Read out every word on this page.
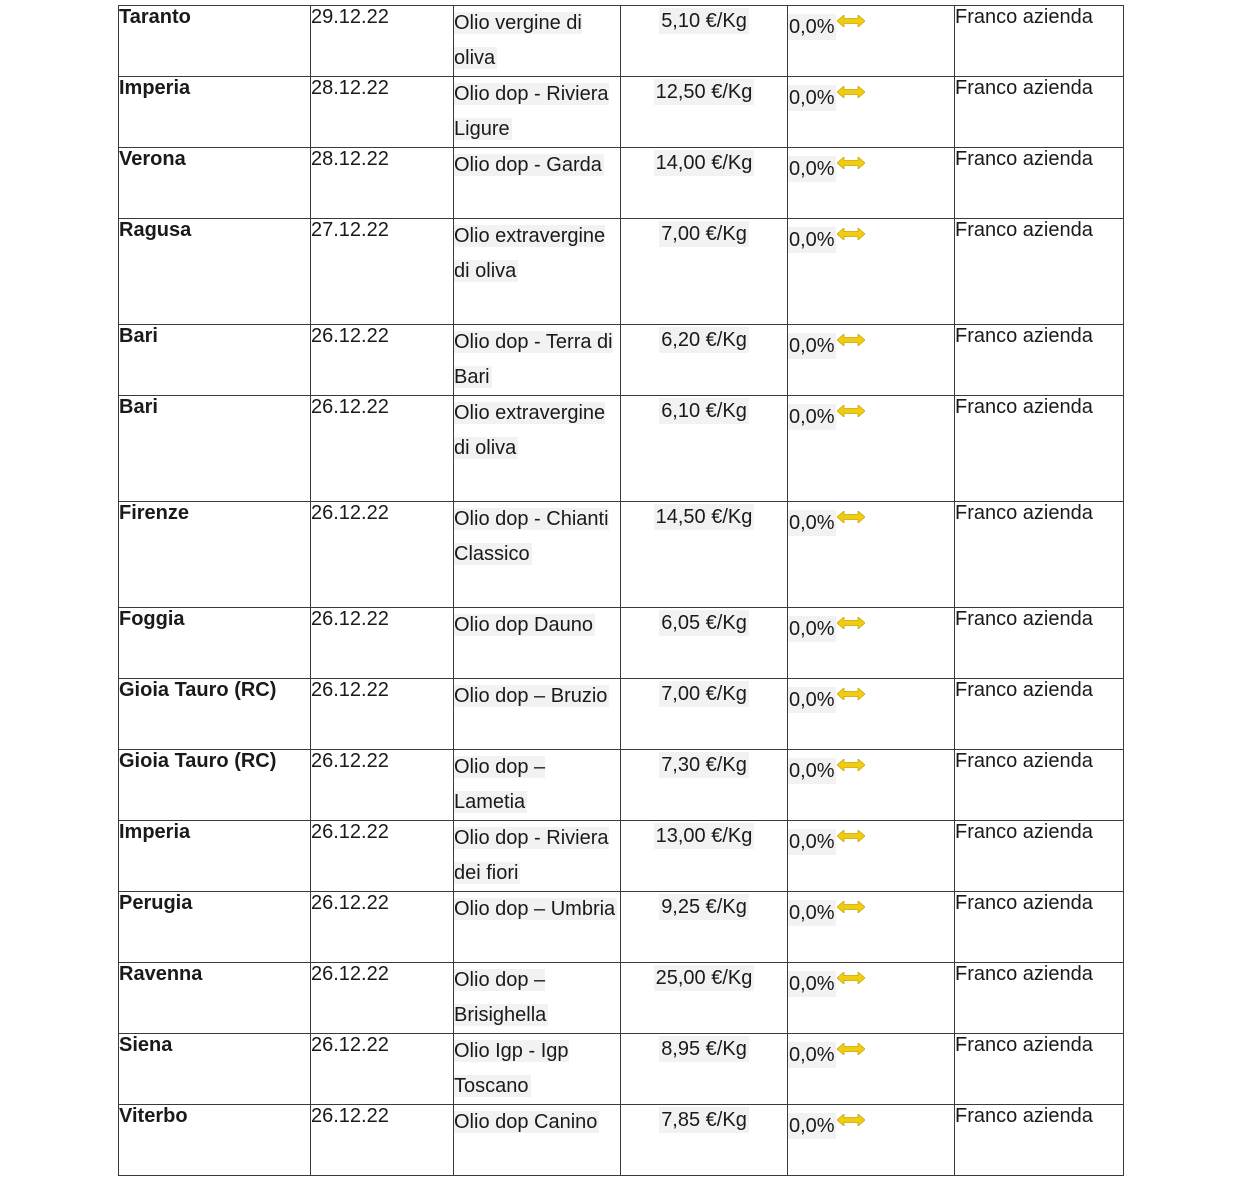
Taranto	29.12.22	Olio vergine di oliva	5,10 €/Kg	0,0%	Franco azienda
Imperia	28.12.22	Olio dop - Riviera Ligure	12,50 €/Kg	0,0%	Franco azienda
Verona	28.12.22	Olio dop - Garda	14,00 €/Kg	0,0%	Franco azienda
Ragusa	27.12.22	Olio extravergine di oliva	7,00 €/Kg	0,0%	Franco azienda
Bari	26.12.22	Olio dop - Terra di Bari	6,20 €/Kg	0,0%	Franco azienda
Bari	26.12.22	Olio extravergine di oliva	6,10 €/Kg	0,0%	Franco azienda
Firenze	26.12.22	Olio dop - Chianti Classico	14,50 €/Kg	0,0%	Franco azienda
Foggia	26.12.22	Olio dop Dauno	6,05 €/Kg	0,0%	Franco azienda
Gioia Tauro (RC)	26.12.22	Olio dop – Bruzio	7,00 €/Kg	0,0%	Franco azienda
Gioia Tauro (RC)	26.12.22	Olio dop – Lametia	7,30 €/Kg	0,0%	Franco azienda
Imperia	26.12.22	Olio dop - Riviera dei fiori	13,00 €/Kg	0,0%	Franco azienda
Perugia	26.12.22	Olio dop – Umbria	9,25 €/Kg	0,0%	Franco azienda
Ravenna	26.12.22	Olio dop – Brisighella	25,00 €/Kg	0,0%	Franco azienda
Siena	26.12.22	Olio Igp - Igp Toscano	8,95 €/Kg	0,0%	Franco azienda
Viterbo	26.12.22	Olio dop Canino	7,85 €/Kg	0,0%	Franco azienda
